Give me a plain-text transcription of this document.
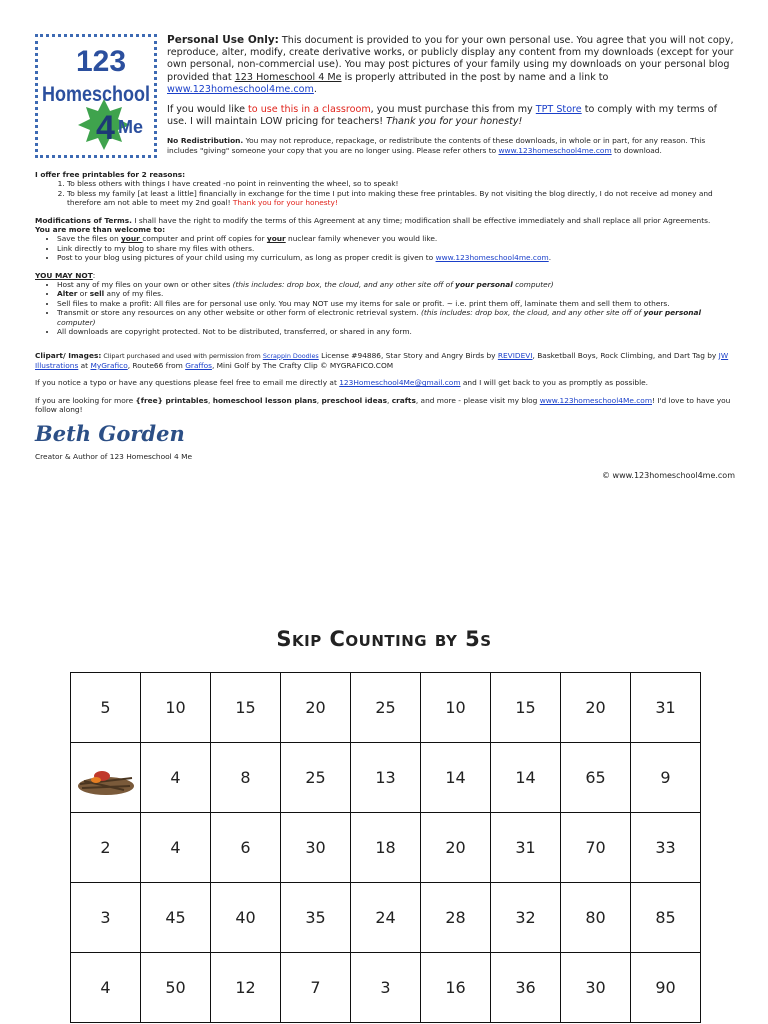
123
Homeschool
4 Me

Personal Use Only: This document is provided to you for your own personal use. You agree that you will not copy, reproduce, alter, modify, create derivative works, or publicly display any content from my downloads (except for your own personal, non-commercial use). You may post pictures of your family using my downloads on your personal blog provided that 123 Homeschool 4 Me is properly attributed in the post by name and a link to www.123homeschool4me.com.

If you would like to use this in a classroom, you must purchase this from my TPT Store to comply with my terms of use. I will maintain LOW pricing for teachers! Thank you for your honesty!

No Redistribution. You may not reproduce, repackage, or redistribute the contents of these downloads, in whole or in part, for any reason. This includes "giving" someone your copy that you are no longer using. Please refer others to www.123homeschool4me.com to download.

I offer free printables for 2 reasons:

1. To bless others with things I have created -no point in reinventing the wheel, so to speak!
2. To bless my family [at least a little] financially in exchange for the time I put into making these free printables. By not visiting the blog directly, I do not receive ad money and therefore am not able to meet my 2nd goal! Thank you for your honesty!

Modifications of Terms. I shall have the right to modify the terms of this Agreement at any time; modification shall be effective immediately and shall replace all prior Agreements.

You are more than welcome to:

• Save the files on your computer and print off copies for your nuclear family whenever you would like.
• Link directly to my blog to share my files with others.
• Post to your blog using pictures of your child using my curriculum, as long as proper credit is given to www.123homeschool4me.com.

YOU MAY NOT:

• Host any of my files on your own or other sites (this includes: drop box, the cloud, and any other site off of your personal computer)
• Alter or sell any of my files.
• Sell files to make a profit: All files are for personal use only. You may NOT use my items for sale or profit. ~ i.e. print them off, laminate them and sell them to others.
• Transmit or store any resources on any other website or other form of electronic retrieval system. (this includes: drop box, the cloud, and any other site off of your personal computer)
• All downloads are copyright protected. Not to be distributed, transferred, or shared in any form.

Clipart/ Images: Clipart purchased and used with permission from Scrappin Doodles License #94886, Star Story and Angry Birds by REVIDEVI, Basketball Boys, Rock Climbing, and Dart Tag by JW Illustrations at MyGrafico, Route66 from Graffos, Mini Golf by The Crafty Clip © MYGRAFICO.COM

If you notice a typo or have any questions please feel free to email me directly at 123Homeschool4Me@gmail.com and I will get back to you as promptly as possible.

If you are looking for more {free} printables, homeschool lesson plans, preschool ideas, crafts, and more - please visit my blog www.123homeschool4Me.com! I'd love to have you follow along!

Beth Gorden

Creator & Author of 123 Homeschool 4 Me

© www.123homeschool4me.com
Skip Counting by 5s
5	10	15	20	25	10	15	20	31
	4	8	25	13	14	14	65	9
2	4	6	30	18	20	31	70	33
3	45	40	35	24	28	32	80	85
4	50	12	7	3	16	36	30	90
